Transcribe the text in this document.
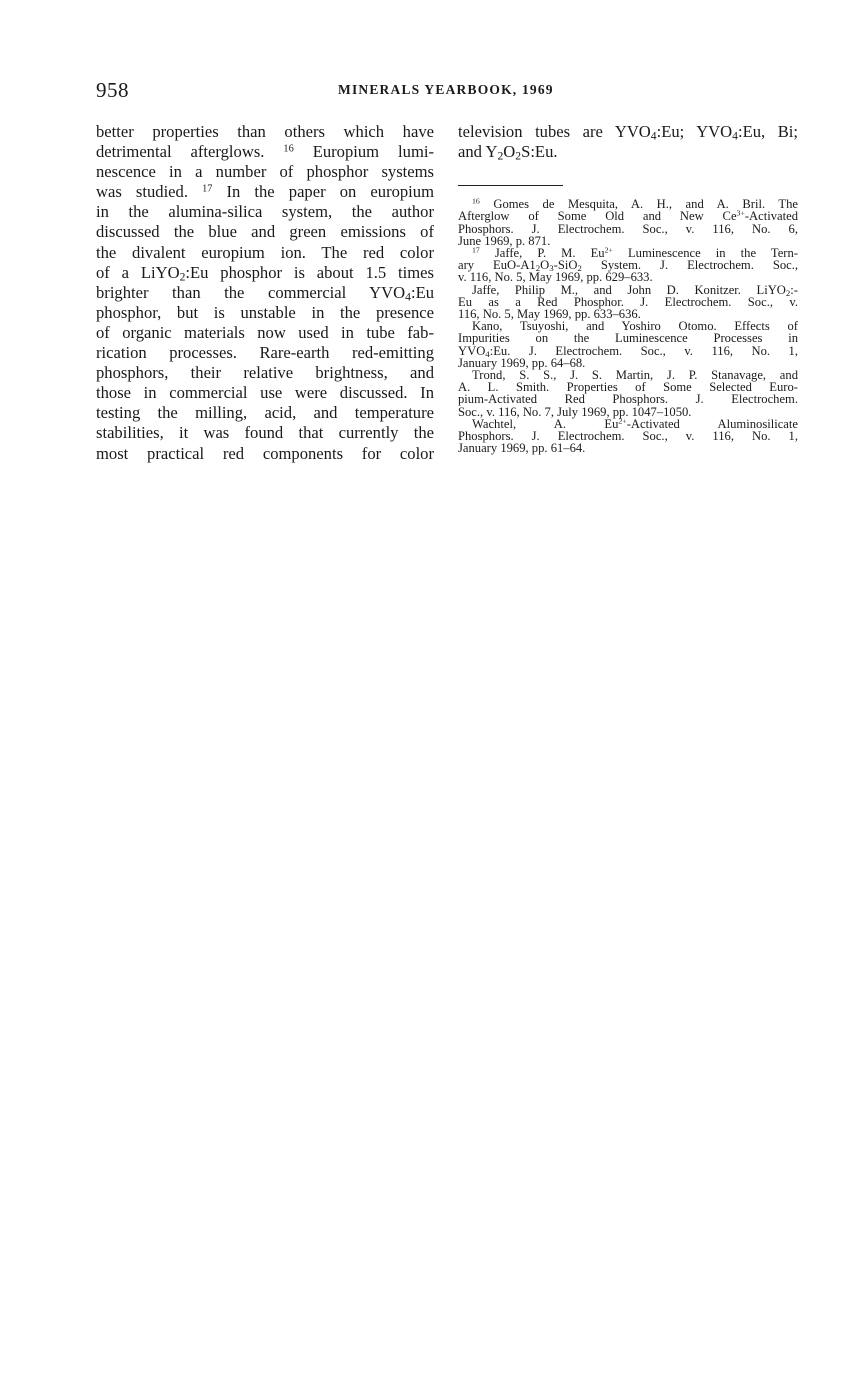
958	MINERALS YEARBOOK, 1969
better properties than others which have
detrimental afterglows. $^{16}$ Europium lumi-
nescence in a number of phosphor systems
was studied. $^{17}$ In the paper on europium
in the alumina-silica system, the author
discussed the blue and green emissions of
the divalent europium ion. The red color
of a LiYO$_2$:Eu phosphor is about 1.5 times
brighter than the commercial $YVO_4:Eu$
phosphor, but is unstable in the presence
of organic materials now used in tube fab-
rication processes. Rare-earth red-emitting
phosphors, their relative brightness, and
those in commercial use were discussed. In
testing the milling, acid, and temperature
stabilities, it was found that currently the
most practical red components for color
television tubes are $YVO_4:Eu$; $YVO_4:Eu$, Bi;
and $Y_2O_2S:Eu$.
$^{16}$ Gomes de Mesquita, A. H., and A. Bril. The
Afterglow of Some Old and New $Ce^{3+}$-Activated
Phosphors. J. Electrochem. Soc., v. 116, No. 6,
June 1969, p. 871.
$^{17}$ Jaffe, P. M. $Eu^{2+}$ Luminescence in the Tern-
ary EuO-$A1_2O_3-SiO_2$ System. J. Electrochem. Soc.,
v. 116, No. 5, May 1969, pp. 629–633.
Jaffe, Philip M., and John D. Konitzer. LiYO$_2$:-
Eu as a Red Phosphor. J. Electrochem. Soc., v.
116, No. 5, May 1969, pp. 633–636.
Kano, Tsuyoshi, and Yoshiro Otomo. Effects of
Impurities on the Luminescence Processes in
$YVO_4:Eu$. J. Electrochem. Soc., v. 116, No. 1,
January 1969, pp. 64–68.
Trond, S. S., J. S. Martin, J. P. Stanavage, and
A. L. Smith. Properties of Some Selected Euro-
pium-Activated Red Phosphors. J. Electrochem.
Soc., v. 116, No. 7, July 1969, pp. 1047–1050.
Wachtel, A. $Eu^{2+}$-Activated Aluminosilicate
Phosphors. J. Electrochem. Soc., v. 116, No. 1,
January 1969, pp. 61–64.
